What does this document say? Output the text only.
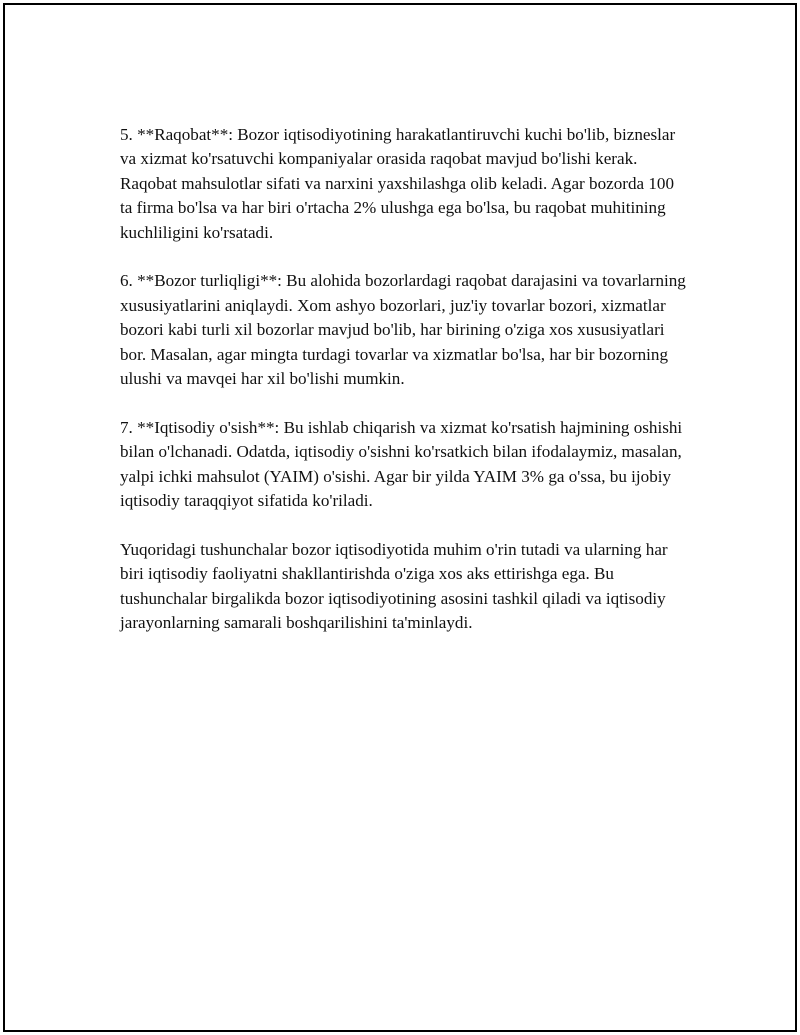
5. **Raqobat**: Bozor iqtisodiyotining harakatlantiruvchi kuchi bo'lib, bizneslar va xizmat ko'rsatuvchi kompaniyalar orasida raqobat mavjud bo'lishi kerak. Raqobat mahsulotlar sifati va narxini yaxshilashga olib keladi. Agar bozorda 100 ta firma bo'lsa va har biri o'rtacha 2% ulushga ega bo'lsa, bu raqobat muhitining kuchliligini ko'rsatadi.

6. **Bozor turliqligi**: Bu alohida bozorlardagi raqobat darajasini va tovarlarning xususiyatlarini aniqlaydi. Xom ashyo bozorlari, juz'iy tovarlar bozori, xizmatlar bozori kabi turli xil bozorlar mavjud bo'lib, har birining o'ziga xos xususiyatlari bor. Masalan, agar mingta turdagi tovarlar va xizmatlar bo'lsa, har bir bozorning ulushi va mavqei har xil bo'lishi mumkin.

7. **Iqtisodiy o'sish**: Bu ishlab chiqarish va xizmat ko'rsatish hajmining oshishi bilan o'lchanadi. Odatda, iqtisodiy o'sishni ko'rsatkich bilan ifodalaymiz, masalan, yalpi ichki mahsulot (YAIM) o'sishi. Agar bir yilda YAIM 3% ga o'ssa, bu ijobiy iqtisodiy taraqqiyot sifatida ko'riladi.

Yuqoridagi tushunchalar bozor iqtisodiyotida muhim o'rin tutadi va ularning har biri iqtisodiy faoliyatni shakllantirishda o'ziga xos aks ettirishga ega. Bu tushunchalar birgalikda bozor iqtisodiyotining asosini tashkil qiladi va iqtisodiy jarayonlarning samarali boshqarilishini ta'minlaydi.
